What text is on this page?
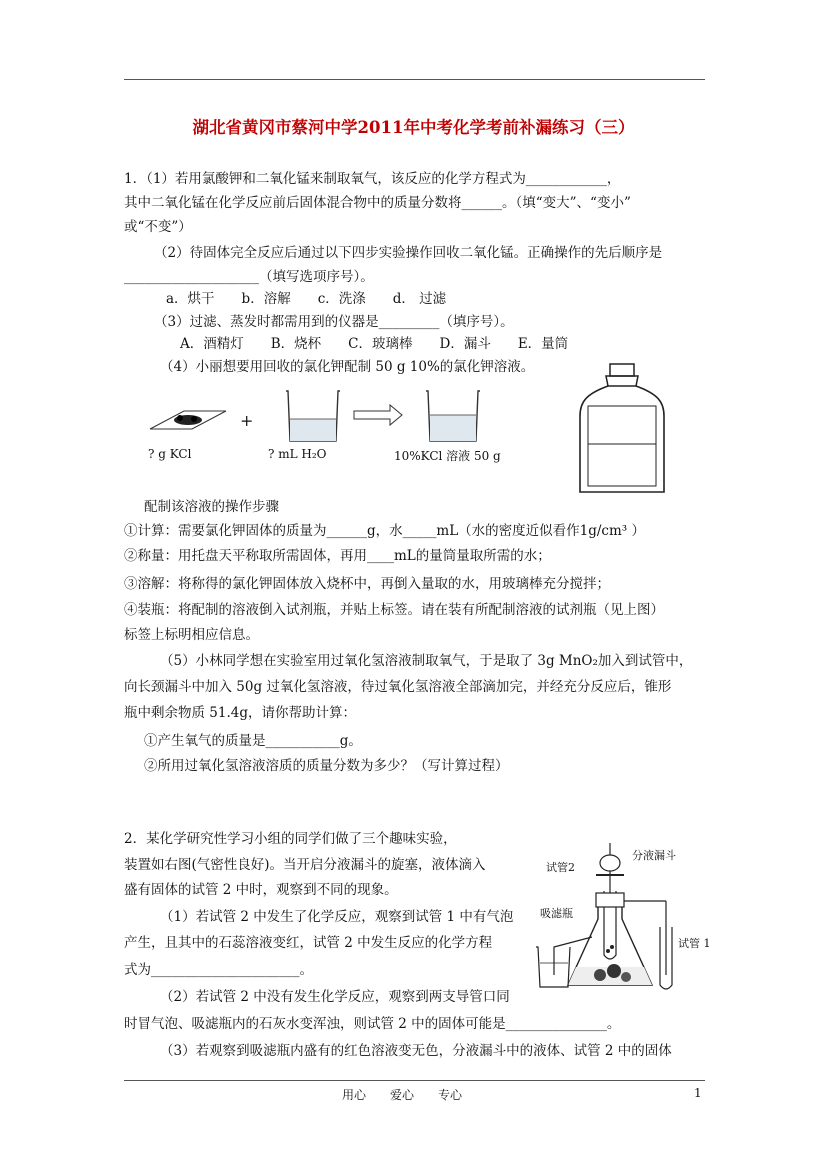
湖北省黄冈市蔡河中学2011年中考化学考前补漏练习（三）
1．（1）若用氯酸钾和二氧化锰来制取氧气，该反应的化学方程式为____________，
其中二氧化锰在化学反应前后固体混合物中的质量分数将______。（填“变大”、“变小”
或“不变”）
（2）待固体完全反应后通过以下四步实验操作回收二氧化锰。正确操作的先后顺序是
____________________（填写选项序号）。
a．烘干　　b．溶解　　c．洗涤　　d． 过滤
（3）过滤、蒸发时都需用到的仪器是_________（填序号）。
A．酒精灯　　B．烧杯　　C．玻璃棒　　D．漏斗　　E．量筒
（4）小丽想要用回收的氯化钾配制 50 g 10%的氯化钾溶液。
? g KCl
+
? mL H₂O	10%KCl 溶液 50 g
配制该溶液的操作步骤
①计算：需要氯化钾固体的质量为______g，水_____mL（水的密度近似看作1g/cm³ ）
②称量：用托盘天平称取所需固体，再用____mL的量筒量取所需的水；
③溶解：将称得的氯化钾固体放入烧杯中，再倒入量取的水，用玻璃棒充分搅拌；
④装瓶：将配制的溶液倒入试剂瓶，并贴上标签。请在装有所配制溶液的试剂瓶（见上图）
标签上标明相应信息。
（5）小林同学想在实验室用过氧化氢溶液制取氧气，于是取了 3g MnO₂加入到试管中，
向长颈漏斗中加入 50g 过氧化氢溶液，待过氧化氢溶液全部滴加完，并经充分反应后，锥形
瓶中剩余物质 51.4g，请你帮助计算：
①产生氧气的质量是___________g。
②所用过氧化氢溶液溶质的质量分数为多少？（写计算过程）
2．某化学研究性学习小组的同学们做了三个趣味实验，
装置如右图(气密性良好)。当开启分液漏斗的旋塞，液体滴入
盛有固体的试管 2 中时，观察到不同的现象。
（1）若试管 2 中发生了化学反应，观察到试管 1 中有气泡
产生，且其中的石蕊溶液变红，试管 2 中发生反应的化学方程
式为______________________。
（2）若试管 2 中没有发生化学反应，观察到两支导管口同
时冒气泡、吸滤瓶内的石灰水变浑浊，则试管 2 中的固体可能是_______________。
（3）若观察到吸滤瓶内盛有的红色溶液变无色，分液漏斗中的液体、试管 2 中的固体
试管2
分液漏斗
吸滤瓶
试管 1
用心　　爱心　　专心	1
